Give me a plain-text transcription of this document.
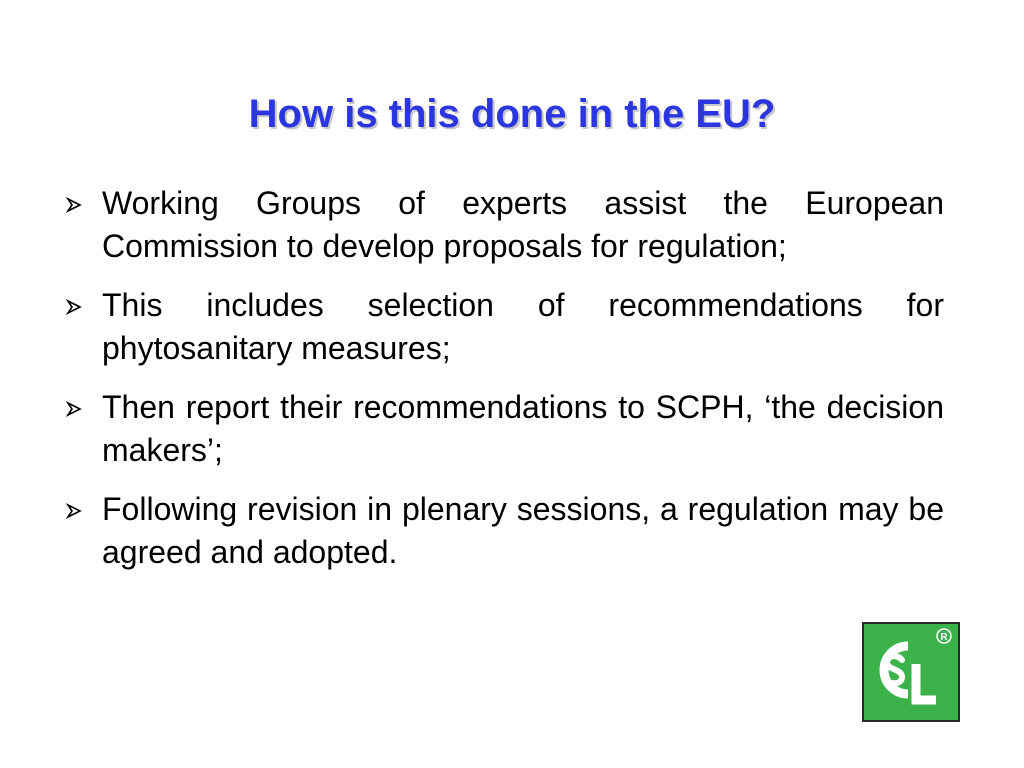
How is this done in the EU?
Working Groups of experts assist the European Commission to develop proposals for regulation;
This includes selection of recommendations for phytosanitary measures;
Then report their recommendations to SCPH, ‘the decision makers’;
Following revision in plenary sessions, a regulation may be agreed and adopted.
R
